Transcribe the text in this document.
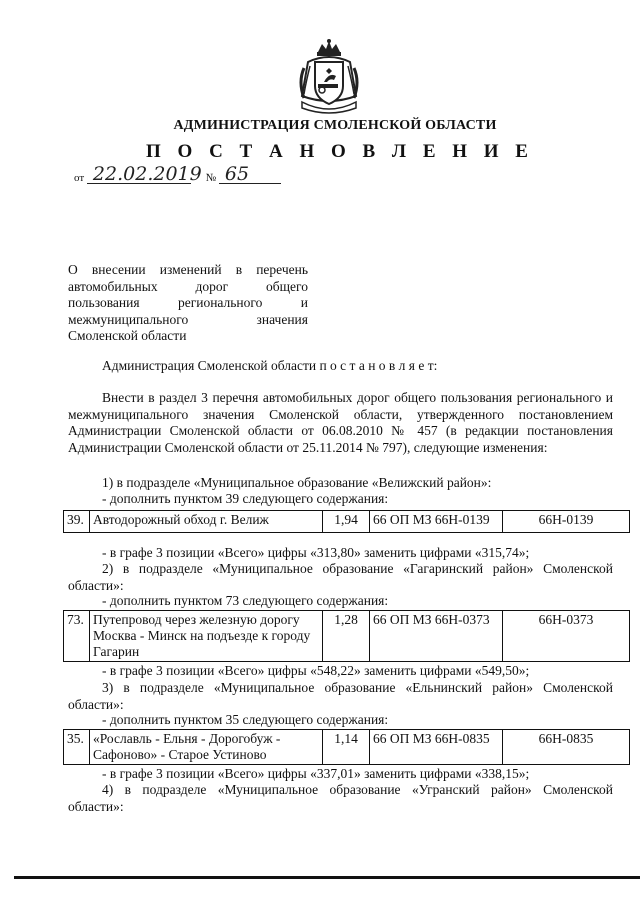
АДМИНИСТРАЦИЯ СМОЛЕНСКОЙ ОБЛАСТИ
П О С Т А Н О В Л Е Н И Е
от 22.02.2019 № 65
О внесении изменений в перечень автомобильных дорог общего пользования регионального и межмуниципального значения Смоленской области
Администрация Смоленской области п о с т а н о в л я е т:
Внести в раздел 3 перечня автомобильных дорог общего пользования регионального и межмуниципального значения Смоленской области, утвержденного постановлением Администрации Смоленской области от 06.08.2010 № 457 (в редакции постановления Администрации Смоленской области от 25.11.2014 № 797), следующие изменения:
1) в подразделе «Муниципальное образование «Велижский район»:
- дополнить пунктом 39 следующего содержания:
39.	Автодорожный обход г. Велиж	1,94	66 ОП МЗ 66Н-0139	66Н-0139
- в графе 3 позиции «Всего» цифры «313,80» заменить цифрами «315,74»;
2) в подразделе «Муниципальное образование «Гагаринский район» Смоленской области»:
- дополнить пунктом 73 следующего содержания:
73.	Путепровод через железную дорогу Москва - Минск на подъезде к городу Гагарин	1,28	66 ОП МЗ 66Н-0373	66Н-0373
- в графе 3 позиции «Всего» цифры «548,22» заменить цифрами «549,50»;
3) в подразделе «Муниципальное образование «Ельнинский район» Смоленской области»:
- дополнить пунктом 35 следующего содержания:
35.	«Рославль - Ельня - Дорогобуж - Сафоново» - Старое Устиново	1,14	66 ОП МЗ 66Н-0835	66Н-0835
- в графе 3 позиции «Всего» цифры «337,01» заменить цифрами «338,15»;
4) в подразделе «Муниципальное образование «Угранский район» Смоленской области»:
